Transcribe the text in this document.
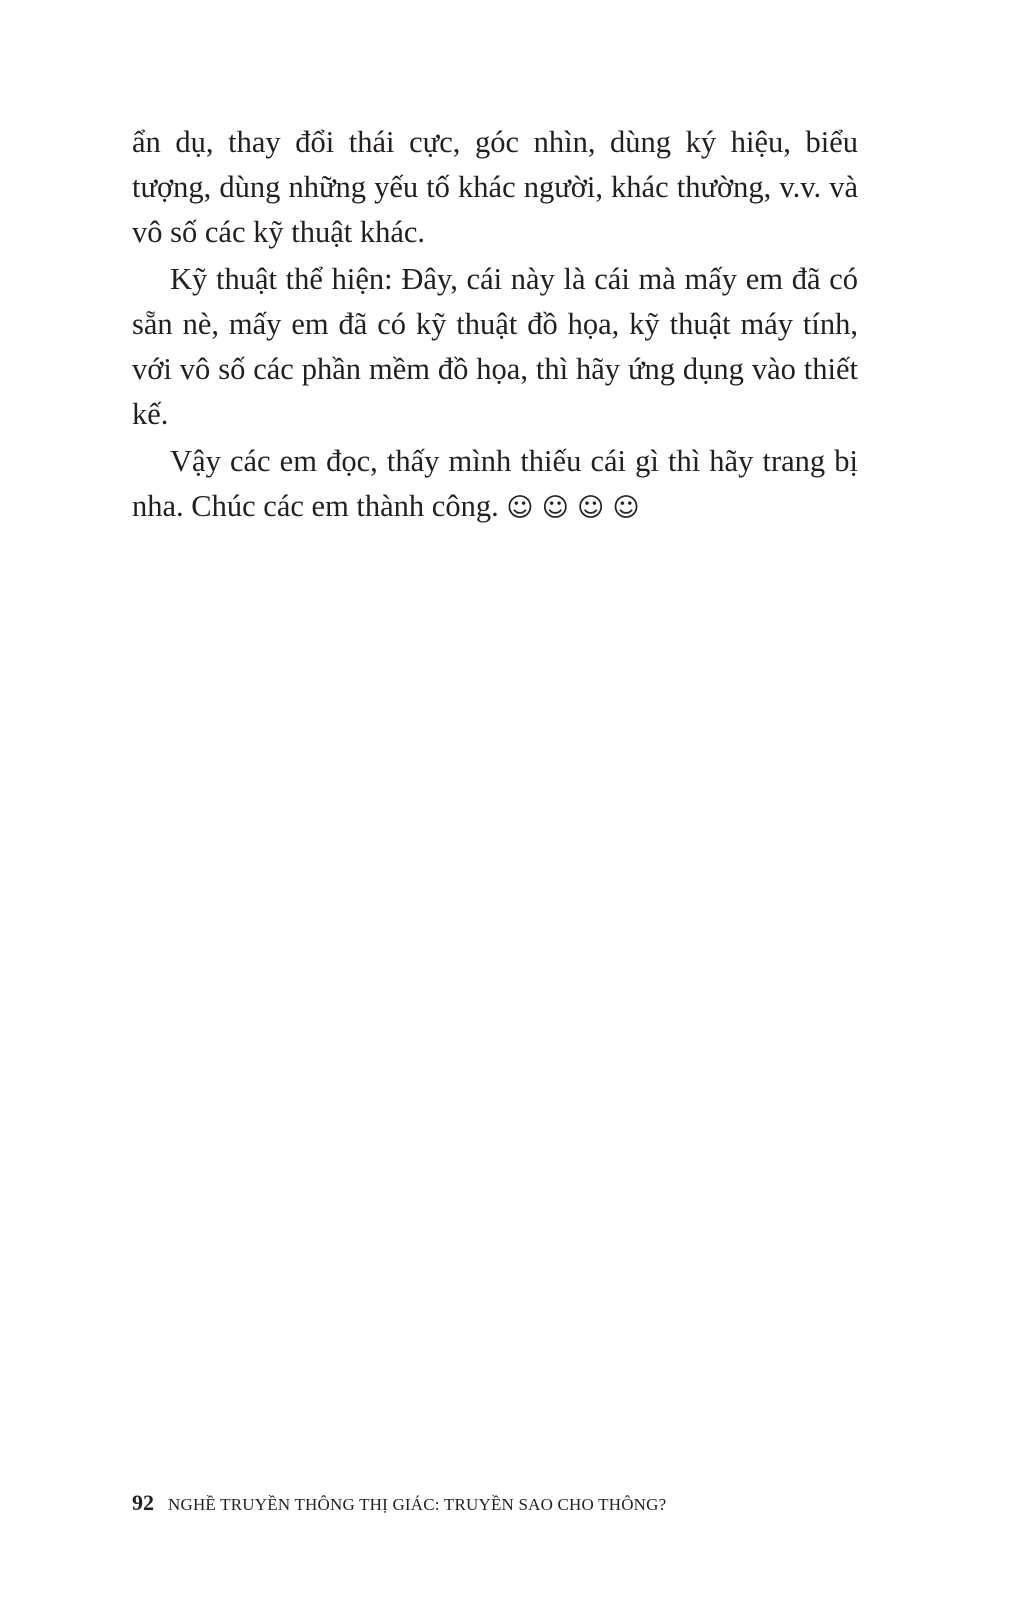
ẩn dụ, thay đổi thái cực, góc nhìn, dùng ký hiệu, biểu tượng, dùng những yếu tố khác người, khác thường, v.v. và vô số các kỹ thuật khác.

Kỹ thuật thể hiện: Đây, cái này là cái mà mấy em đã có sẵn nè, mấy em đã có kỹ thuật đồ họa, kỹ thuật máy tính, với vô số các phần mềm đồ họa, thì hãy ứng dụng vào thiết kế.

Vậy các em đọc, thấy mình thiếu cái gì thì hãy trang bị nha. Chúc các em thành công. ☺ ☺ ☺ ☺

92 NGHỀ TRUYỀN THÔNG THỊ GIÁC: TRUYỀN SAO CHO THÔNG?
